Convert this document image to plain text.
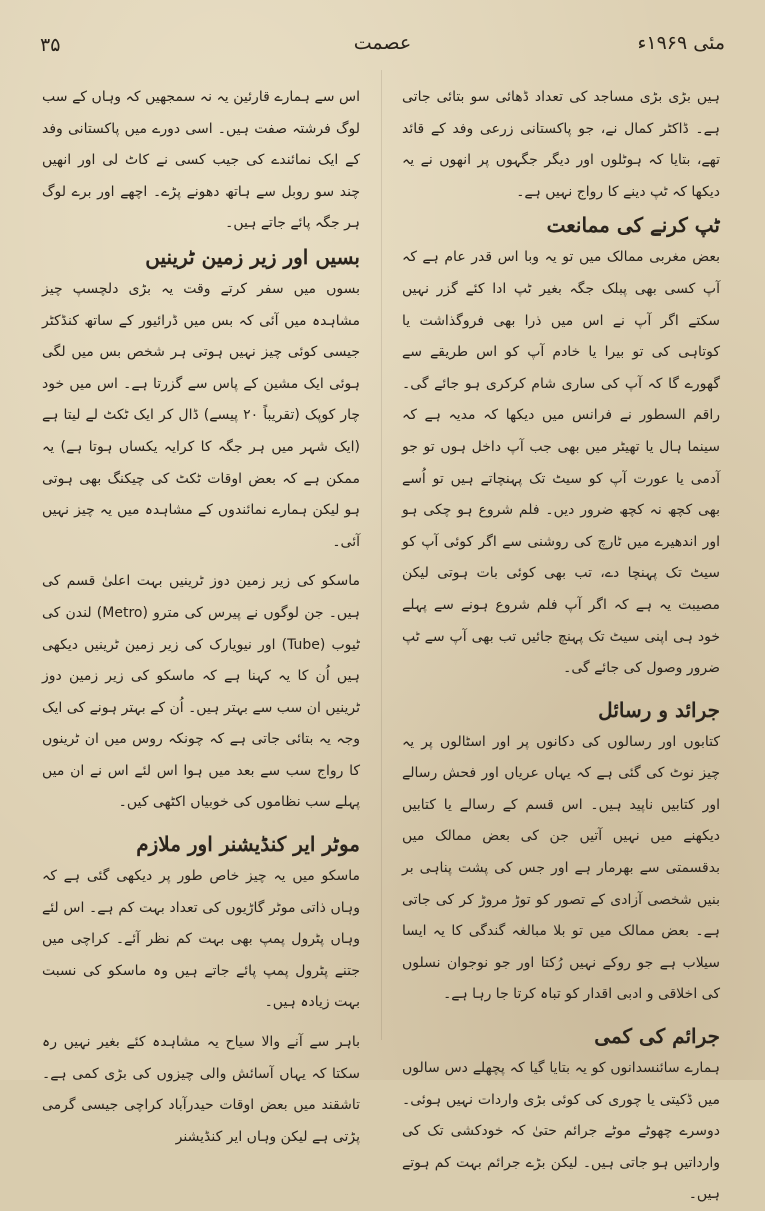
۳۵	عصمت	مئی ۱۹۶۹ء

ہیں بڑی بڑی مساجد کی تعداد ڈھائی سو بتائی جاتی ہے۔ ڈاکٹر کمال نے، جو پاکستانی زرعی وفد کے قائد تھے، بتایا کہ ہوٹلوں اور دیگر جگہوں پر انھوں نے یہ دیکھا کہ ٹپ دینے کا رواج نہیں ہے۔

ٹپ کرنے کی ممانعت

بعض مغربی ممالک میں تو یہ وبا اس قدر عام ہے کہ آپ کسی بھی پبلک جگہ بغیر ٹپ ادا کئے گزر نہیں سکتے اگر آپ نے اس میں ذرا بھی فروگذاشت یا کوتاہی کی تو بیرا یا خادم آپ کو اس طریقے سے گھورے گا کہ آپ کی ساری شام کرکری ہو جائے گی۔ راقم السطور نے فرانس میں دیکھا کہ مدیہ ہے کہ سینما ہال یا تھیٹر میں بھی جب آپ داخل ہوں تو جو آدمی یا عورت آپ کو سیٹ تک پہنچاتے ہیں تو اُسے بھی کچھ نہ کچھ ضرور دیں۔ فلم شروع ہو چکی ہو اور اندھیرے میں ٹارچ کی روشنی سے اگر کوئی آپ کو سیٹ تک پہنچا دے، تب بھی کوئی بات ہوتی لیکن مصیبت یہ ہے کہ اگر آپ فلم شروع ہونے سے پہلے خود ہی اپنی سیٹ تک پہنچ جائیں تب بھی آپ سے ٹپ ضرور وصول کی جائے گی۔

جرائد و رسائل

کتابوں اور رسالوں کی دکانوں پر اور اسٹالوں پر یہ چیز نوٹ کی گئی ہے کہ یہاں عریاں اور فحش رسالے اور کتابیں ناپید ہیں۔ اس قسم کے رسالے یا کتابیں دیکھنے میں نہیں آتیں جن کی بعض ممالک میں بدقسمتی سے بھرمار ہے اور جس کی پشت پناہی بر بنیں شخصی آزادی کے تصور کو توڑ مروڑ کر کی جاتی ہے۔ بعض ممالک میں تو بلا مبالغہ گندگی کا یہ ایسا سیلاب ہے جو روکے نہیں رُکتا اور جو نوجوان نسلوں کی اخلاقی و ادبی اقدار کو تباہ کرتا جا رہا ہے۔

جرائم کی کمی

ہمارے سائنسدانوں کو یہ بتایا گیا کہ پچھلے دس سالوں میں ڈکیتی یا چوری کی کوئی بڑی واردات نہیں ہوئی۔ دوسرے چھوٹے موٹے جرائم حتیٰ کہ خودکشی تک کی وارداتیں ہو جاتی ہیں۔ لیکن بڑے جرائم بہت کم ہوتے ہیں۔

اس سے ہمارے قارئین یہ نہ سمجھیں کہ وہاں کے سب لوگ فرشتہ صفت ہیں۔ اسی دورے میں پاکستانی وفد کے ایک نمائندے کی جیب کسی نے کاٹ لی اور انھیں چند سو روبل سے ہاتھ دھونے پڑے۔ اچھے اور برے لوگ ہر جگہ پائے جاتے ہیں۔

بسیں اور زیر زمین ٹرینیں

بسوں میں سفر کرتے وقت یہ بڑی دلچسپ چیز مشاہدہ میں آئی کہ بس میں ڈرائیور کے ساتھ کنڈکٹر جیسی کوئی چیز نہیں ہوتی ہر شخص بس میں لگی ہوئی ایک مشین کے پاس سے گزرتا ہے۔ اس میں خود چار کوپک (تقریباً ۲۰ پیسے) ڈال کر ایک ٹکٹ لے لیتا ہے (ایک شہر میں ہر جگہ کا کرایہ یکساں ہوتا ہے) یہ ممکن ہے کہ بعض اوقات ٹکٹ کی چیکنگ بھی ہوتی ہو لیکن ہمارے نمائندوں کے مشاہدہ میں یہ چیز نہیں آئی۔

ماسکو کی زیر زمین دوز ٹرینیں بہت اعلیٰ قسم کی ہیں۔ جن لوگوں نے پیرس کی مترو (Metro) لندن کی ٹیوب (Tube) اور نیویارک کی زیر زمین ٹرینیں دیکھی ہیں اُن کا یہ کہنا ہے کہ ماسکو کی زیر زمین دوز ٹرینیں ان سب سے بہتر ہیں۔ اُن کے بہتر ہونے کی ایک وجہ یہ بتائی جاتی ہے کہ چونکہ روس میں ان ٹرینوں کا رواج سب سے بعد میں ہوا اس لئے اس نے ان میں پہلے سب نظاموں کی خوبیاں اکٹھی کیں۔

موٹر ایر کنڈیشنر اور ملازم

ماسکو میں یہ چیز خاص طور پر دیکھی گئی ہے کہ وہاں ذاتی موٹر گاڑیوں کی تعداد بہت کم ہے۔ اس لئے وہاں پٹرول پمپ بھی بہت کم نظر آئے۔ کراچی میں جتنے پٹرول پمپ پائے جاتے ہیں وہ ماسکو کی نسبت بہت زیادہ ہیں۔

باہر سے آنے والا سیاح یہ مشاہدہ کئے بغیر نہیں رہ سکتا کہ یہاں آسائش والی چیزوں کی بڑی کمی ہے۔ تاشقند میں بعض اوقات حیدرآباد کراچی جیسی گرمی پڑتی ہے لیکن وہاں ایر کنڈیشنر
